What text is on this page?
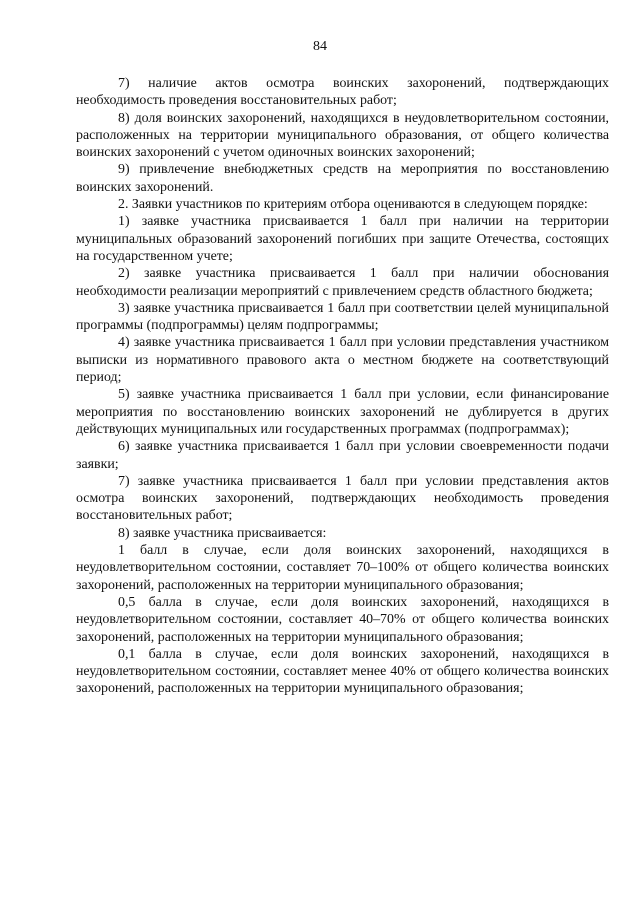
84

7) наличие актов осмотра воинских захоронений, подтверждающих необходимость проведения восстановительных работ;

8) доля воинских захоронений, находящихся в неудовлетворительном состоянии, расположенных на территории муниципального образования, от общего количества воинских захоронений с учетом одиночных воинских захоронений;

9) привлечение внебюджетных средств на мероприятия по восстановлению воинских захоронений.

2. Заявки участников по критериям отбора оцениваются в следующем порядке:

1) заявке участника присваивается 1 балл при наличии на территории муниципальных образований захоронений погибших при защите Отечества, состоящих на государственном учете;

2) заявке участника присваивается 1 балл при наличии обоснования необходимости реализации мероприятий с привлечением средств областного бюджета;

3) заявке участника присваивается 1 балл при соответствии целей муниципальной программы (подпрограммы) целям подпрограммы;

4) заявке участника присваивается 1 балл при условии представления участником выписки из нормативного правового акта о местном бюджете на соответствующий период;

5) заявке участника присваивается 1 балл при условии, если финансирование мероприятия по восстановлению воинских захоронений не дублируется в других действующих муниципальных или государственных программах (подпрограммах);

6) заявке участника присваивается 1 балл при условии своевременности подачи заявки;

7) заявке участника присваивается 1 балл при условии представления актов осмотра воинских захоронений, подтверждающих необходимость проведения восстановительных работ;

8) заявке участника присваивается:

1 балл в случае, если доля воинских захоронений, находящихся в неудовлетворительном состоянии, составляет 70–100% от общего количества воинских захоронений, расположенных на территории муниципального образования;

0,5 балла в случае, если доля воинских захоронений, находящихся в неудовлетворительном состоянии, составляет 40–70% от общего количества воинских захоронений, расположенных на территории муниципального образования;

0,1 балла в случае, если доля воинских захоронений, находящихся в неудовлетворительном состоянии, составляет менее 40% от общего количества воинских захоронений, расположенных на территории муниципального образования;
